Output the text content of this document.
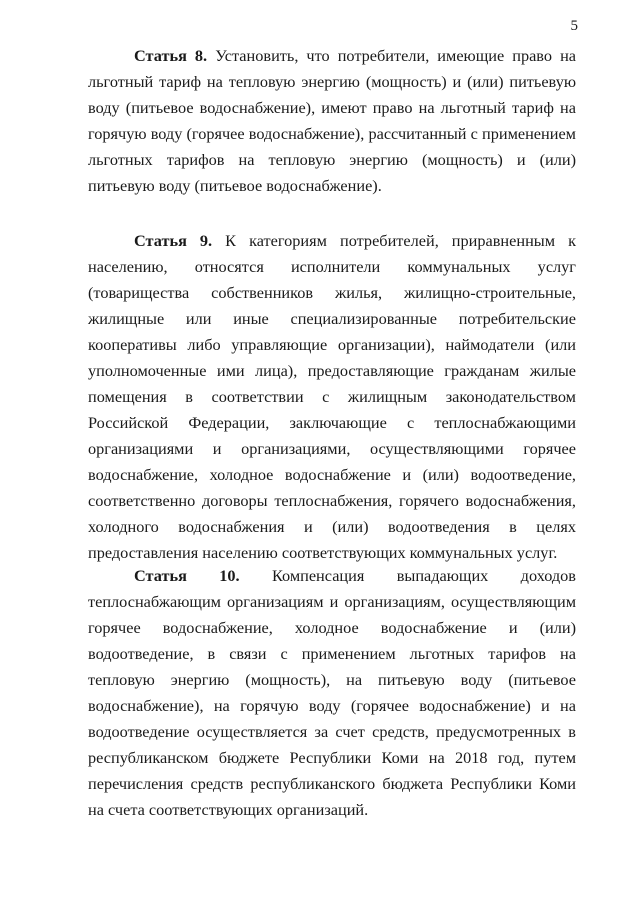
5

Статья 8. Установить, что потребители, имеющие право на льготный тариф на тепловую энергию (мощность) и (или) питьевую воду (питьевое водоснабжение), имеют право на льготный тариф на горячую воду (горячее водоснабжение), рассчитанный с применением льготных тарифов на тепловую энергию (мощность) и (или) питьевую воду (питьевое водоснабжение).

Статья 9. К категориям потребителей, приравненным к населению, относятся исполнители коммунальных услуг (товарищества собственников жилья, жилищно-строительные, жилищные или иные специализированные потребительские кооперативы либо управляющие организации), наймодатели (или уполномоченные ими лица), предоставляющие гражданам жилые помещения в соответствии с жилищным законодательством Российской Федерации, заключающие с теплоснабжающими организациями и организациями, осуществляющими горячее водоснабжение, холодное водоснабжение и (или) водоотведение, соответственно договоры теплоснабжения, горячего водоснабжения, холодного водоснабжения и (или) водоотведения в целях предоставления населению соответствующих коммунальных услуг.

Статья 10. Компенсация выпадающих доходов теплоснабжающим организациям и организациям, осуществляющим горячее водоснабжение, холодное водоснабжение и (или) водоотведение, в связи с применением льготных тарифов на тепловую энергию (мощность), на питьевую воду (питьевое водоснабжение), на горячую воду (горячее водоснабжение) и на водоотведение осуществляется за счет средств, предусмотренных в республиканском бюджете Республики Коми на 2018 год, путем перечисления средств республиканского бюджета Республики Коми на счета соответствующих организаций.
